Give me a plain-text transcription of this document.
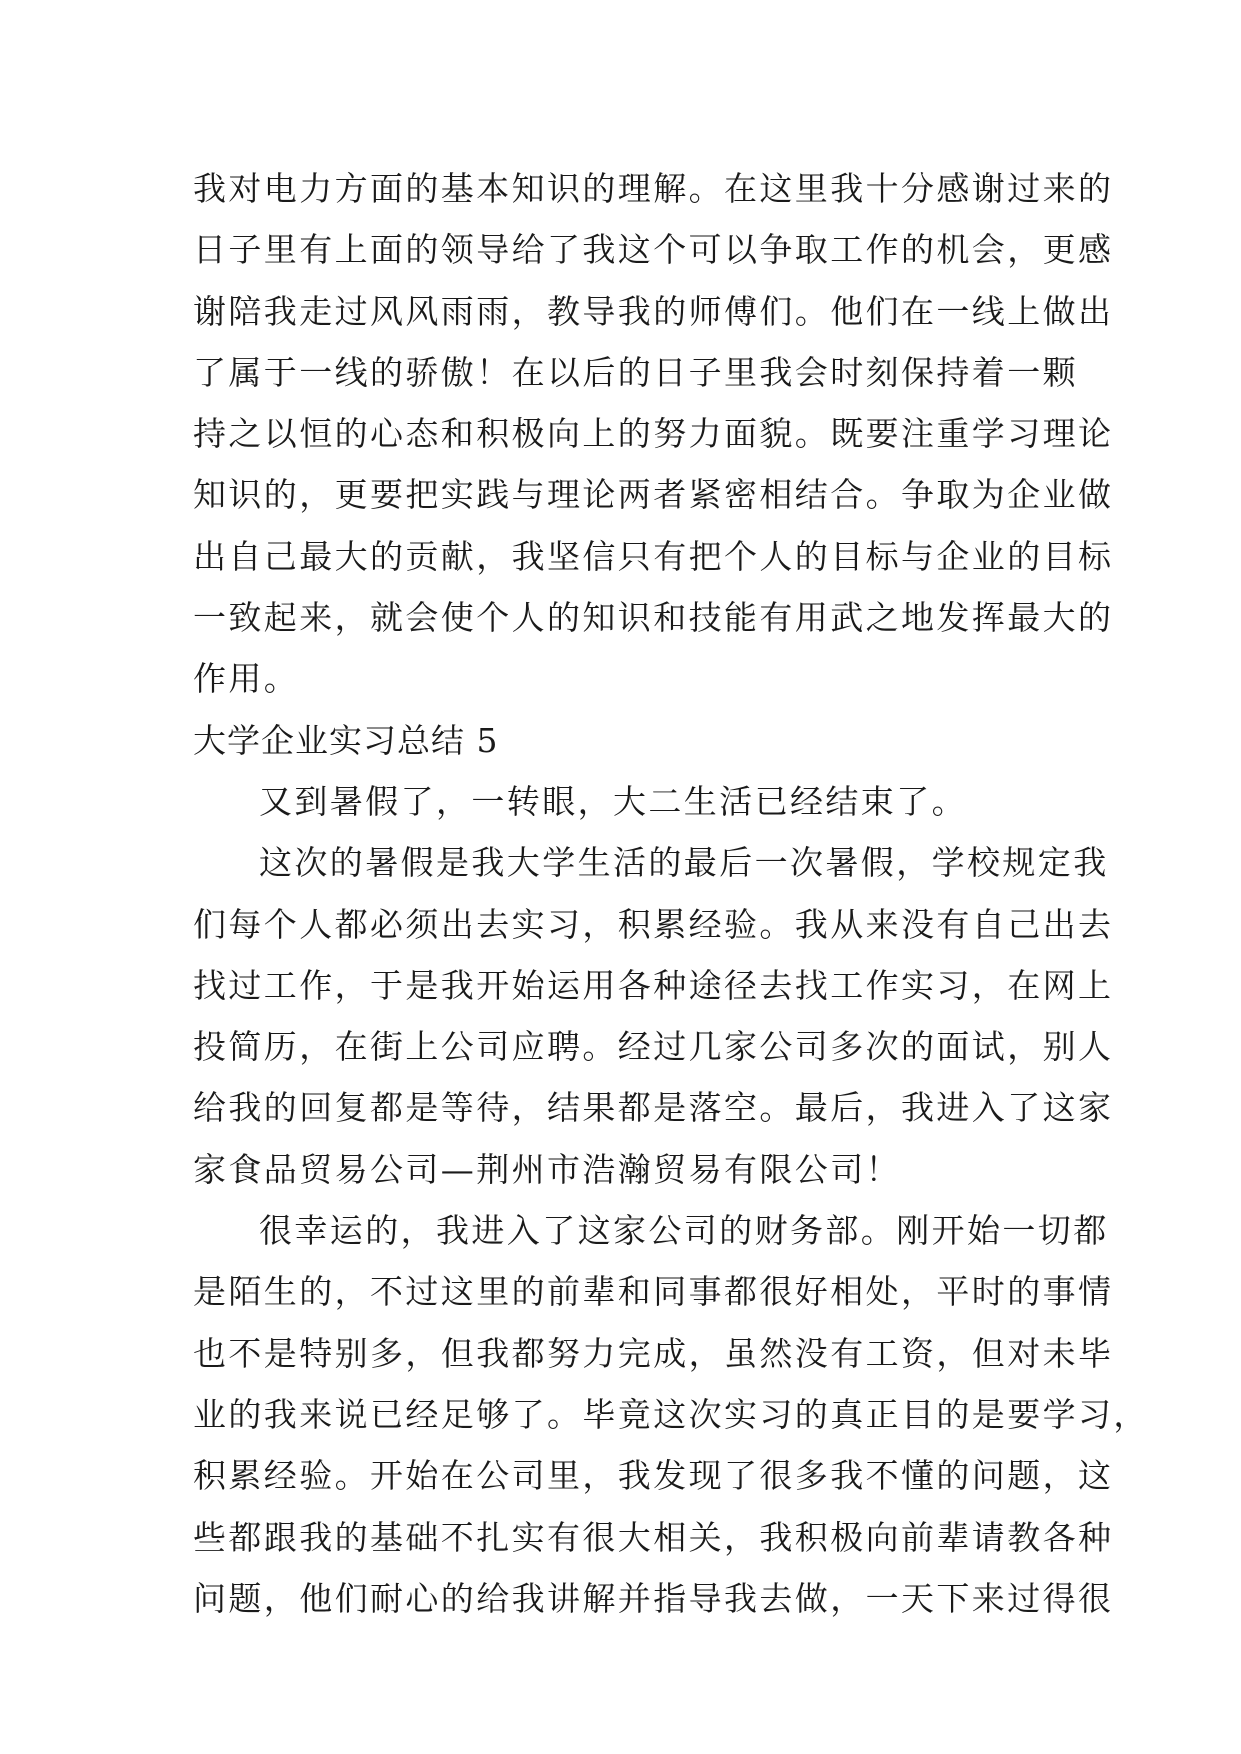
我对电力方面的基本知识的理解。在这里我十分感谢过来的
日子里有上面的领导给了我这个可以争取工作的机会，更感
谢陪我走过风风雨雨，教导我的师傅们。他们在一线上做出
了属于一线的骄傲！在以后的日子里我会时刻保持着一颗
持之以恒的心态和积极向上的努力面貌。既要注重学习理论
知识的，更要把实践与理论两者紧密相结合。争取为企业做
出自己最大的贡献，我坚信只有把个人的目标与企业的目标
一致起来，就会使个人的知识和技能有用武之地发挥最大的
作用。
大学企业实习总结 5
又到暑假了，一转眼，大二生活已经结束了。
这次的暑假是我大学生活的最后一次暑假，学校规定我
们每个人都必须出去实习，积累经验。我从来没有自己出去
找过工作，于是我开始运用各种途径去找工作实习，在网上
投简历，在街上公司应聘。经过几家公司多次的面试，别人
给我的回复都是等待，结果都是落空。最后，我进入了这家
家食品贸易公司—荆州市浩瀚贸易有限公司！
很幸运的，我进入了这家公司的财务部。刚开始一切都
是陌生的，不过这里的前辈和同事都很好相处，平时的事情
也不是特别多，但我都努力完成，虽然没有工资，但对未毕
业的我来说已经足够了。毕竟这次实习的真正目的是要学习，
积累经验。开始在公司里，我发现了很多我不懂的问题，这
些都跟我的基础不扎实有很大相关，我积极向前辈请教各种
问题，他们耐心的给我讲解并指导我去做，一天下来过得很
